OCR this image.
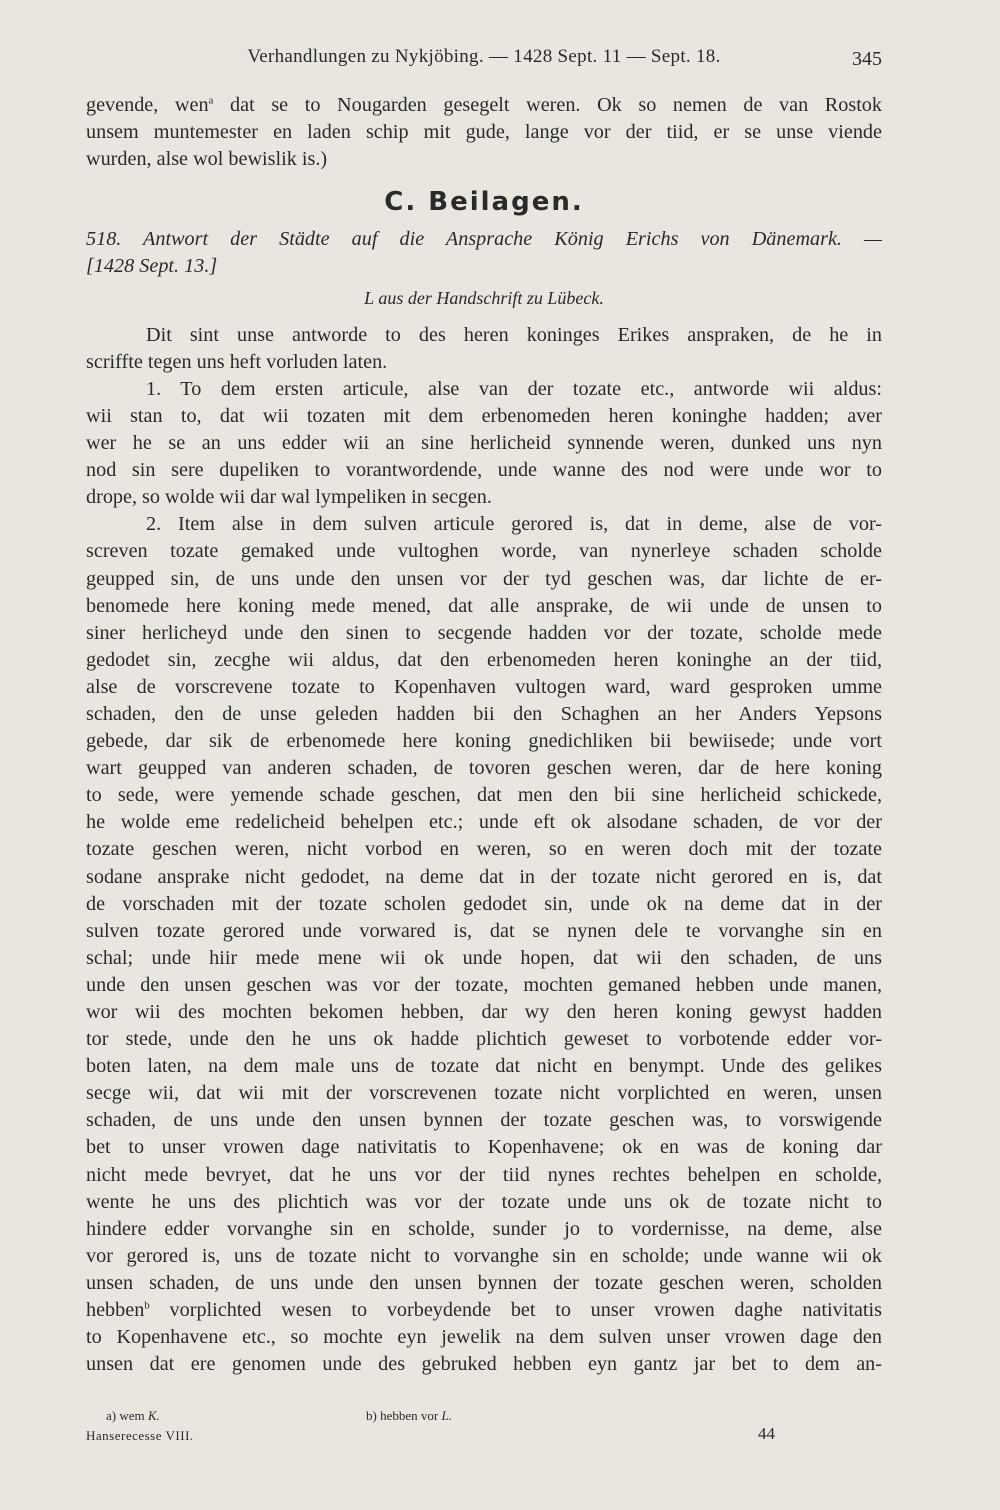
Verhandlungen zu Nykjöbing. — 1428 Sept. 11 — Sept. 18.	345
gevende, wen$^a$ dat se to Nougarden gesegelt weren. Ok so nemen de van Rostok
unsem muntemester en laden schip mit gude, lange vor der tiid, er se unse viende
wurden, alse wol bewislik is.)
C. Beilagen.
518. Antwort der Städte auf die Ansprache König Erichs von Dänemark. —
[1428 Sept. 13.]
L aus der Handschrift zu Lübeck.
Dit sint unse antworde to des heren koninges Erikes anspraken, de he in
scriffte tegen uns heft vorluden laten.
1. To dem ersten articule, alse van der tozate etc., antworde wii aldus:
wii stan to, dat wii tozaten mit dem erbenomeden heren koninghe hadden; aver
wer he se an uns edder wii an sine herlicheid synnende weren, dunked uns nyn
nod sin sere dupeliken to vorantwordende, unde wanne des nod were unde wor to
drope, so wolde wii dar wal lympeliken in secgen.
2. Item alse in dem sulven articule gerored is, dat in deme, alse de vor-
screven tozate gemaked unde vultoghen worde, van nynerleye schaden scholde
geupped sin, de uns unde den unsen vor der tyd geschen was, dar lichte de er-
benomede here koning mede mened, dat alle ansprake, de wii unde de unsen to
siner herlicheyd unde den sinen to secgende hadden vor der tozate, scholde mede
gedodet sin, zecghe wii aldus, dat den erbenomeden heren koninghe an der tiid,
alse de vorscrevene tozate to Kopenhaven vultogen ward, ward gesproken umme
schaden, den de unse geleden hadden bii den Schaghen an her Anders Yepsons
gebede, dar sik de erbenomede here koning gnedichliken bii bewiisede; unde vort
wart geupped van anderen schaden, de tovoren geschen weren, dar de here koning
to sede, were yemende schade geschen, dat men den bii sine herlicheid schickede,
he wolde eme redelicheid behelpen etc.; unde eft ok alsodane schaden, de vor der
tozate geschen weren, nicht vorbod en weren, so en weren doch mit der tozate
sodane ansprake nicht gedodet, na deme dat in der tozate nicht gerored en is, dat
de vorschaden mit der tozate scholen gedodet sin, unde ok na deme dat in der
sulven tozate gerored unde vorwared is, dat se nynen dele te vorvanghe sin en
schal; unde hiir mede mene wii ok unde hopen, dat wii den schaden, de uns
unde den unsen geschen was vor der tozate, mochten gemaned hebben unde manen,
wor wii des mochten bekomen hebben, dar wy den heren koning gewyst hadden
tor stede, unde den he uns ok hadde plichtich geweset to vorbotende edder vor-
boten laten, na dem male uns de tozate dat nicht en benympt. Unde des gelikes
secge wii, dat wii mit der vorscrevenen tozate nicht vorplichted en weren, unsen
schaden, de uns unde den unsen bynnen der tozate geschen was, to vorswigende
bet to unser vrowen dage nativitatis to Kopenhavene; ok en was de koning dar
nicht mede bevryet, dat he uns vor der tiid nynes rechtes behelpen en scholde,
wente he uns des plichtich was vor der tozate unde uns ok de tozate nicht to
hindere edder vorvanghe sin en scholde, sunder jo to vordernisse, na deme, alse
vor gerored is, uns de tozate nicht to vorvanghe sin en scholde; unde wanne wii ok
unsen schaden, de uns unde den unsen bynnen der tozate geschen weren, scholden
hebben$^b$ vorplichted wesen to vorbeydende bet to unser vrowen daghe nativitatis
to Kopenhavene etc., so mochte eyn jewelik na dem sulven unser vrowen dage den
unsen dat ere genomen unde des gebruked hebben eyn gantz jar bet to dem an-
a) wem K.	b) hebben vor L.
Hanserecesse VIII.	44
